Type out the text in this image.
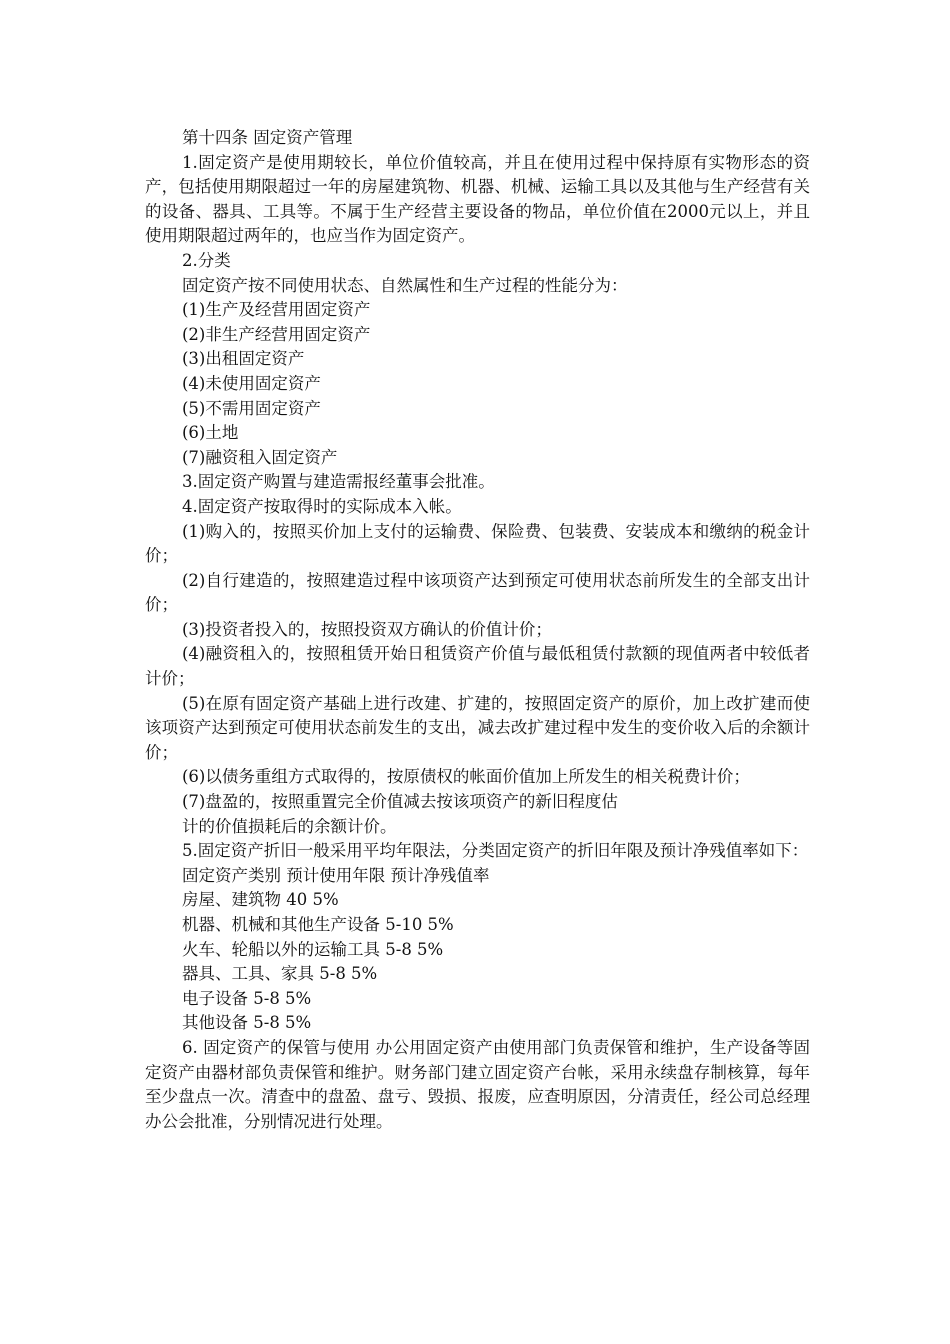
第十四条 固定资产管理

1.固定资产是使用期较长，单位价值较高，并且在使用过程中保持原有实物形态的资产，包括使用期限超过一年的房屋建筑物、机器、机械、运输工具以及其他与生产经营有关的设备、器具、工具等。不属于生产经营主要设备的物品，单位价值在2000元以上，并且使用期限超过两年的，也应当作为固定资产。

2.分类

固定资产按不同使用状态、自然属性和生产过程的性能分为：

(1)生产及经营用固定资产

(2)非生产经营用固定资产

(3)出租固定资产

(4)未使用固定资产

(5)不需用固定资产

(6)土地

(7)融资租入固定资产

3.固定资产购置与建造需报经董事会批准。

4.固定资产按取得时的实际成本入帐。

(1)购入的，按照买价加上支付的运输费、保险费、包装费、安装成本和缴纳的税金计价；

(2)自行建造的，按照建造过程中该项资产达到预定可使用状态前所发生的全部支出计价；

(3)投资者投入的，按照投资双方确认的价值计价；

(4)融资租入的，按照租赁开始日租赁资产价值与最低租赁付款额的现值两者中较低者计价；

(5)在原有固定资产基础上进行改建、扩建的，按照固定资产的原价，加上改扩建而使该项资产达到预定可使用状态前发生的支出，减去改扩建过程中发生的变价收入后的余额计价；

(6)以债务重组方式取得的，按原债权的帐面价值加上所发生的相关税费计价；

(7)盘盈的，按照重置完全价值减去按该项资产的新旧程度估

计的价值损耗后的余额计价。

5.固定资产折旧一般采用平均年限法，分类固定资产的折旧年限及预计净残值率如下：

固定资产类别 预计使用年限 预计净残值率

房屋、建筑物 40 5%

机器、机械和其他生产设备 5-10 5%

火车、轮船以外的运输工具 5-8 5%

器具、工具、家具 5-8 5%

电子设备 5-8 5%

其他设备 5-8 5%

6. 固定资产的保管与使用 办公用固定资产由使用部门负责保管和维护，生产设备等固定资产由器材部负责保管和维护。财务部门建立固定资产台帐，采用永续盘存制核算，每年至少盘点一次。清查中的盘盈、盘亏、毁损、报废，应查明原因，分清责任，经公司总经理办公会批准，分别情况进行处理。
